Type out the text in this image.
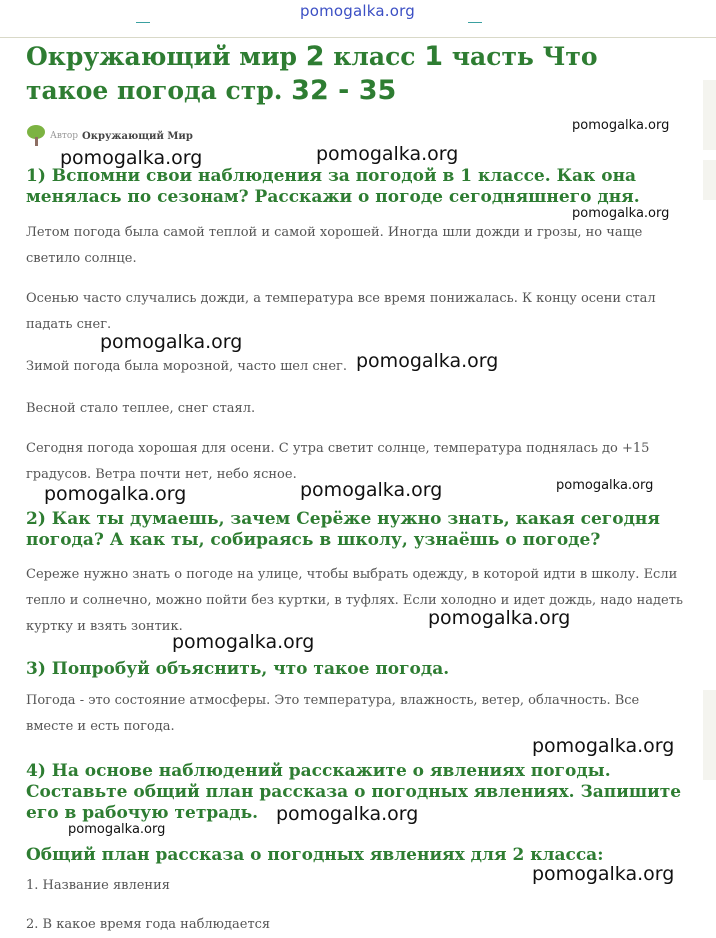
pomogalka.org
Окружающий мир 2 класс 1 часть Что такое погода стр. 32 - 35
Автор Окружающий Мир
1) Вспомни свои наблюдения за погодой в 1 классе. Как она менялась по сезонам? Расскажи о погоде сегодняшнего дня.
Летом погода была самой теплой и самой хорошей. Иногда шли дожди и грозы, но чаще светило солнце.
Осенью часто случались дожди, а температура все время понижалась. К концу осени стал падать снег.
Зимой погода была морозной, часто шел снег.
Весной стало теплее, снег стаял.
Сегодня погода хорошая для осени. С утра светит солнце, температура поднялась до +15 градусов. Ветра почти нет, небо ясное.
2) Как ты думаешь, зачем Серёже нужно знать, какая сегодня погода? А как ты, собираясь в школу, узнаёшь о погоде?
Сереже нужно знать о погоде на улице, чтобы выбрать одежду, в которой идти в школу. Если тепло и солнечно, можно пойти без куртки, в туфлях. Если холодно и идет дождь, надо надеть куртку и взять зонтик.
3) Попробуй объяснить, что такое погода.
Погода - это состояние атмосферы. Это температура, влажность, ветер, облачность. Все вместе и есть погода.
4) На основе наблюдений расскажите о явлениях погоды. Составьте общий план рассказа о погодных явлениях. Запишите его в рабочую тетрадь.
Общий план рассказа о погодных явлениях для 2 класса:
1. Название явления
2. В какое время года наблюдается
pomogalka.org
pomogalka.org	pomogalka.org
pomogalka.org
pomogalka.org
pomogalka.org
pomogalka.org	pomogalka.org	pomogalka.org
pomogalka.org
pomogalka.org
pomogalka.org
pomogalka.org
pomogalka.org
pomogalka.org
